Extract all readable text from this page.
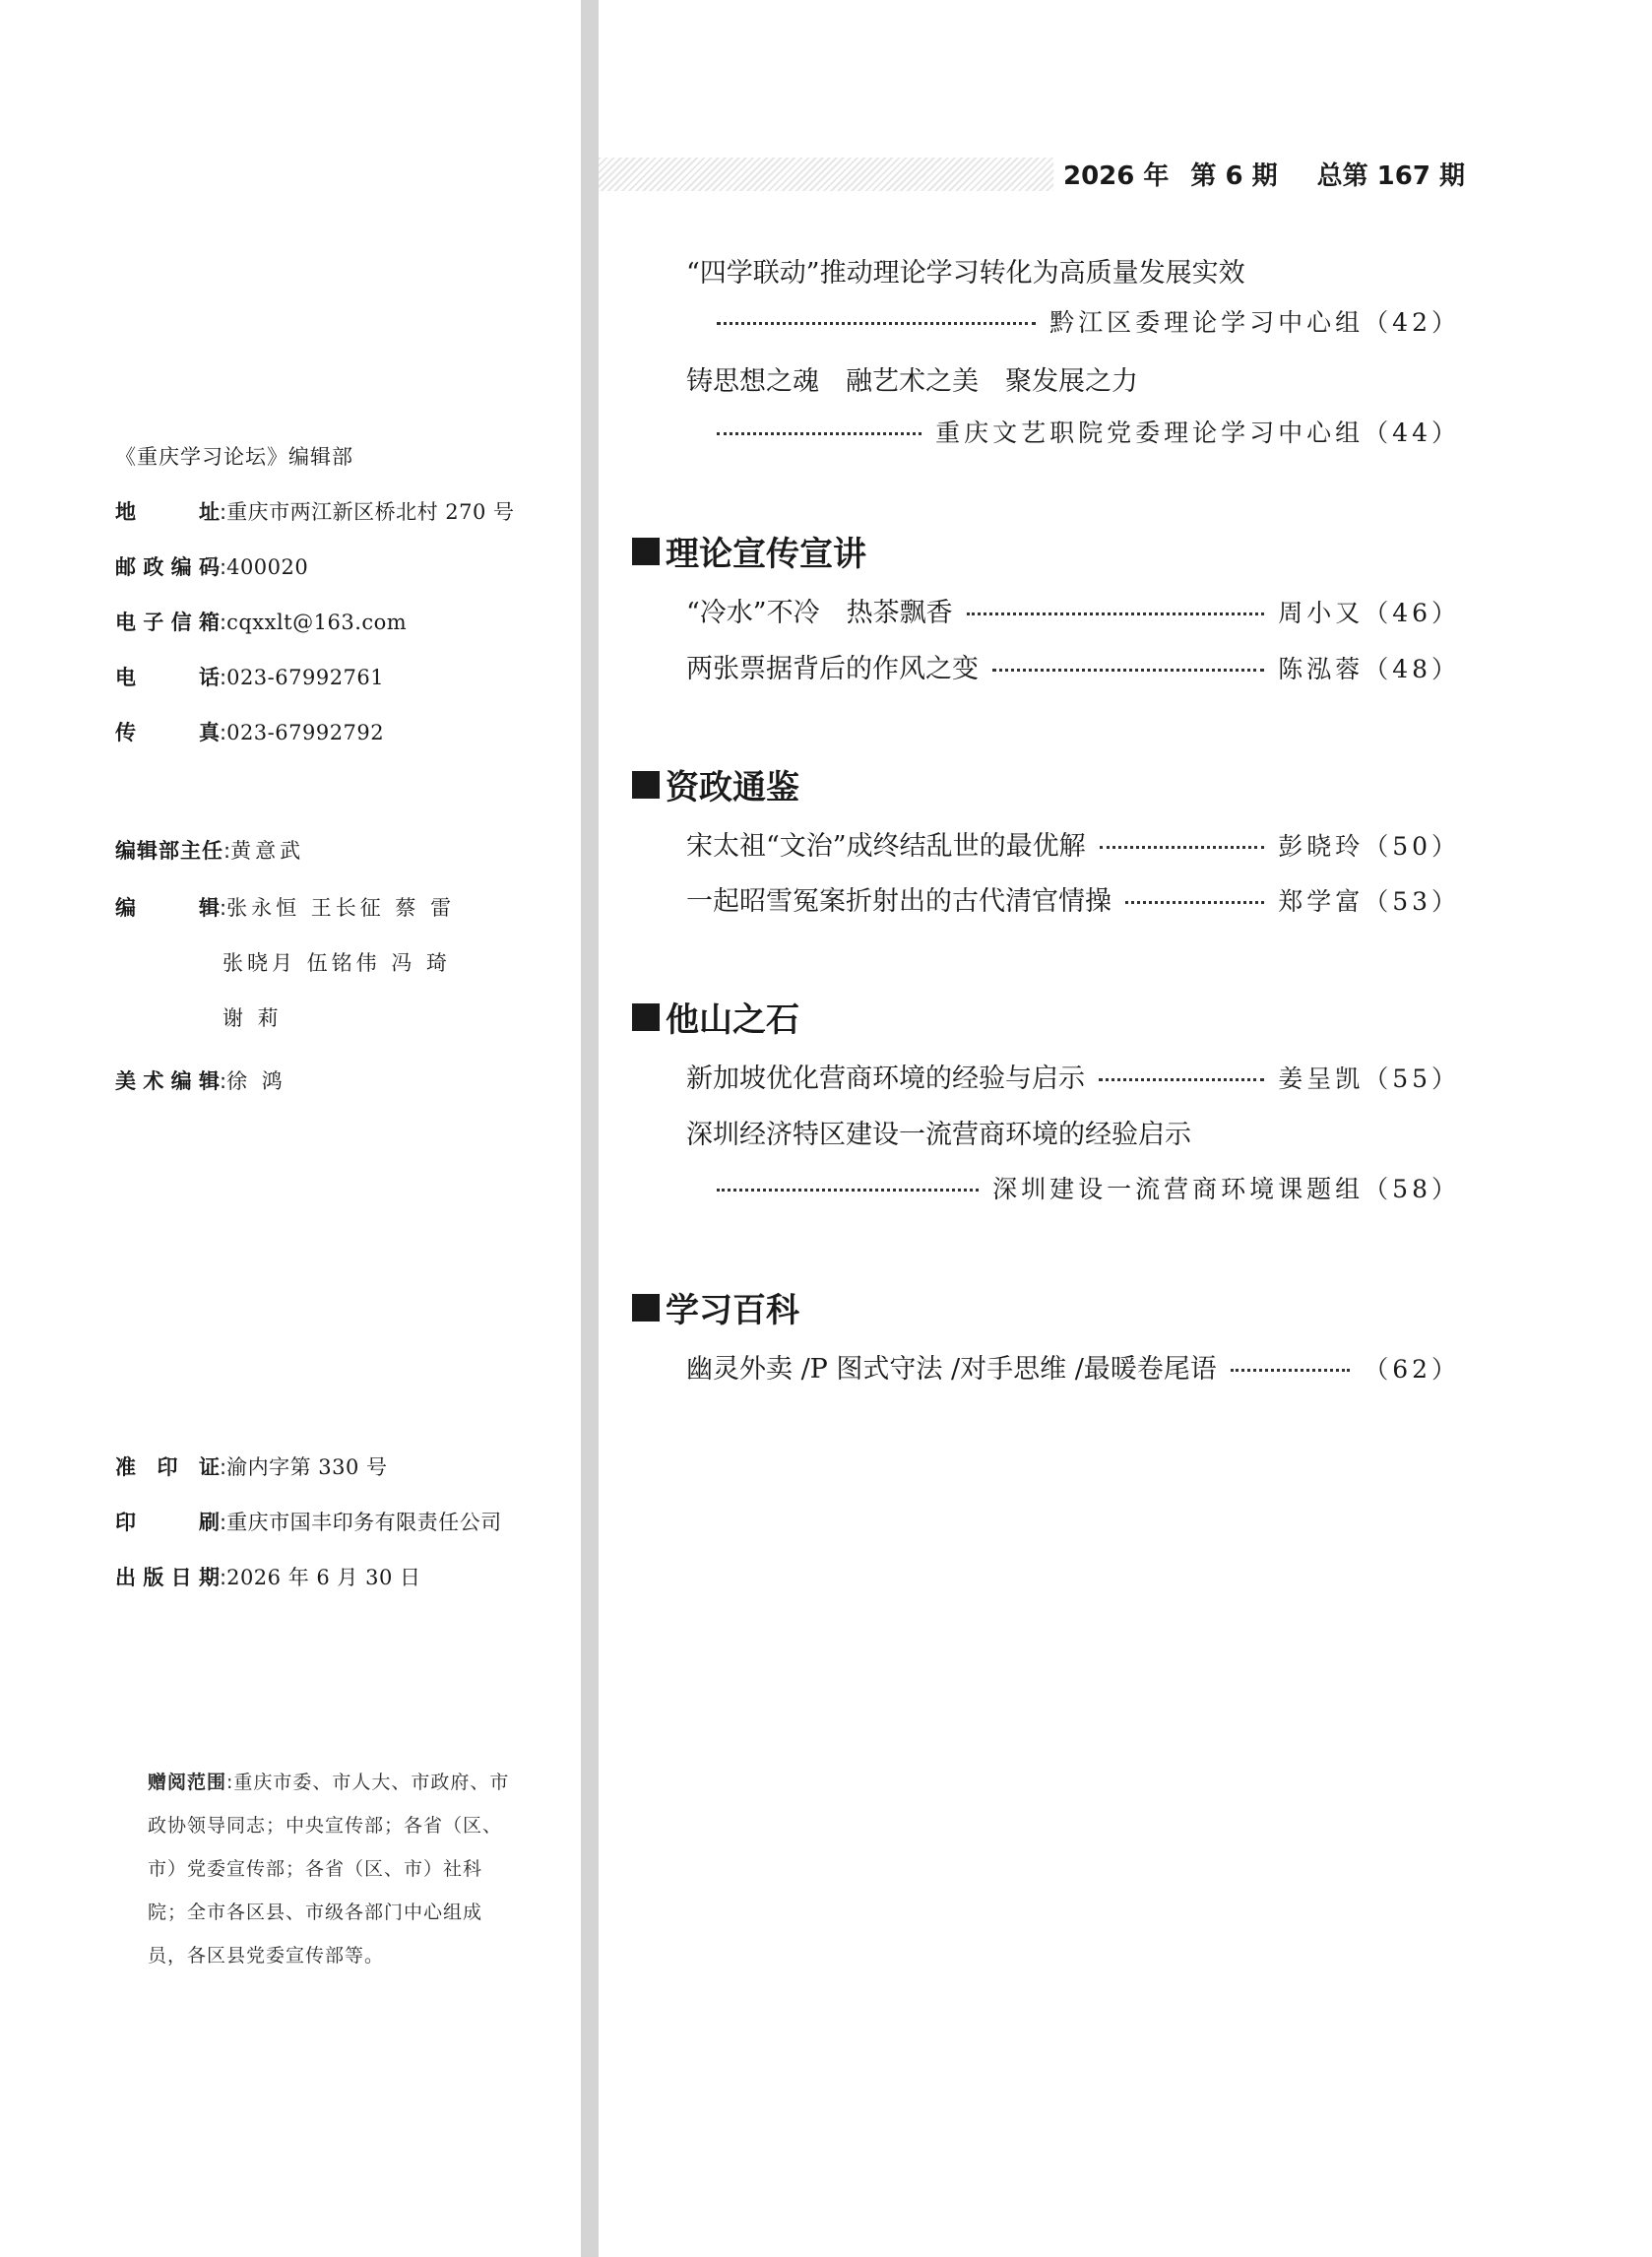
《重庆学习论坛》编辑部
地　址:重庆市两江新区桥北村 270 号
邮政编码:400020
电子信箱:cqxxlt@163.com
电　话:023-67992761
传　真:023-67992792
编辑部主任:黄意武
编　辑:张永恒 王长征 蔡 雷
张晓月 伍铭伟 冯 琦
谢 莉
美术编辑:徐 鸿
准 印 证:渝内字第 330 号
印　刷:重庆市国丰印务有限责任公司
出版日期:2026 年 6 月 30 日
赠阅范围:重庆市委、市人大、市政府、市政协领导同志；中央宣传部；各省（区、市）党委宣传部；各省（区、市）社科院；全市各区县、市级各部门中心组成员，各区县党委宣传部等。
2026 年 第 6 期 总第 167 期
“四学联动”推动理论学习转化为高质量发展实效
黔江区委理论学习中心组（42）
铸思想之魂　融艺术之美　聚发展之力
重庆文艺职院党委理论学习中心组（44）
理论宣传宣讲
“冷水”不冷　热茶飘香	周小又（46）
两张票据背后的作风之变	陈泓蓉（48）
资政通鉴
宋太祖“文治”成终结乱世的最优解	彭晓玲（50）
一起昭雪冤案折射出的古代清官情操	郑学富（53）
他山之石
新加坡优化营商环境的经验与启示	姜呈凯（55）
深圳经济特区建设一流营商环境的经验启示
深圳建设一流营商环境课题组（58）
学习百科
幽灵外卖 /P 图式守法 /对手思维 /最暖卷尾语	（62）
